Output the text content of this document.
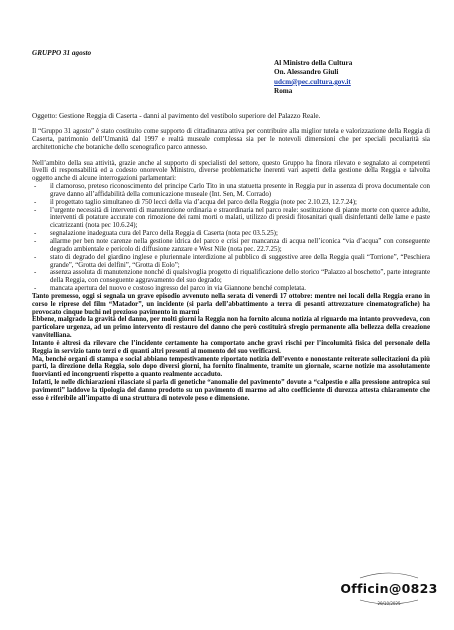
GRUPPO 31 agosto
Al Ministro della Cultura
On. Alessandro Giuli
udcm@pec.cultura.gov.it
Roma
Oggetto: Gestione Reggia di Caserta - danni al pavimento del vestibolo superiore del Palazzo Reale.

Il “Gruppo 31 agosto” è stato costituito come supporto di cittadinanza attiva per contribuire alla miglior tutela e valorizzazione della Reggia di Caserta, patrimonio dell’Umanità dal 1997 e realtà museale complessa sia per le notevoli dimensioni che per speciali peculiarità sia architettoniche che botaniche dello scenografico parco annesso.

Nell’ambito della sua attività, grazie anche al supporto di specialisti del settore, questo Gruppo ha finora rilevato e segnalato ai competenti livelli di responsabilità ed a codesto onorevole Ministro, diverse problematiche inerenti vari aspetti della gestione della Reggia e talvolta oggetto anche di alcune interrogazioni parlamentari:

- il clamoroso, preteso riconoscimento del principe Carlo Tito in una statuetta presente in Reggia pur in assenza di prova documentale con grave danno all’affidabilità della comunicazione museale (Int. Sen, M. Corrado)
- il progettato taglio simultaneo di 750 lecci della via d’acqua del parco della Reggia (note pec 2.10.23, 12.7.24);
- l’urgente necessità di interventi di manutenzione ordinaria e straordinaria nel parco reale: sostituzione di piante morte con querce adulte, interventi di potature accurate con rimozione dei rami morti o malati, utilizzo di presidi fitosanitari quali disinfettanti delle lame e paste cicatrizzanti (nota pec 10.6.24);
- segnalazione inadeguata cura del Parco della Reggia di Caserta (nota pec 03.5.25);
- allarme per ben note carenze nella gestione idrica del parco e crisi per mancanza di acqua nell’iconica “via d’acqua” con conseguente degrado ambientale e pericolo di diffusione zanzare e West Nile (nota pec. 22.7.25);
- stato di degrado del giardino inglese e pluriennale interdizione al pubblico di suggestive aree della Reggia quali “Torrione”, “Peschiera grande”, “Grotta dei delfini”, “Grotta di Eolo”;
- assenza assoluta di manutenzione nonché di qualsivoglia progetto di riqualificazione dello storico “Palazzo al boschetto”, parte integrante della Reggia, con conseguente aggravamento del suo degrado;
- mancata apertura del nuovo e costoso ingresso del parco in via Giannone benché completata.

Tanto premesso, oggi si segnala un grave episodio avvenuto nella serata di venerdì 17 ottobre: mentre nei locali della Reggia erano in corso le riprese del film “Matador”, un incidente (si parla dell’abbattimento a terra di pesanti attrezzature cinematografiche) ha provocato cinque buchi nel prezioso pavimento in marmi

Ebbene, malgrado la gravità del danno, per molti giorni la Reggia non ha fornito alcuna notizia al riguardo ma intanto provvedeva, con particolare urgenza, ad un primo intervento di restauro del danno che però costituirà sfregio permanente alla bellezza della creazione vanvitelliana.

Intanto è altresì da rilevare che l’incidente certamente ha comportato anche gravi rischi per l’incolumità fisica del personale della Reggia in servizio tanto terzi e di quanti altri presenti al momento del suo verificarsi.

Ma, benché organi di stampa e social abbiano tempestivamente riportato notizia dell’evento e nonostante reiterate sollecitazioni da più parti, la direzione della Reggia, solo dopo diversi giorni, ha fornito finalmente, tramite un giornale, scarne notizie ma assolutamente fuorvianti ed incongruenti rispetto a quanto realmente accaduto.

Infatti, le nelle dichiarazioni rilasciate si parla di genetiche “anomalie del pavimento” dovute a “calpestio e alla pressione antropica sui pavimenti” laddove la tipologia del danno prodotto su un pavimento di marmo ad alto coefficiente di durezza attesta chiaramente che esso è riferibile all’impatto di una struttura di notevole peso e dimensione.

Officin@0823
20/10/2025
